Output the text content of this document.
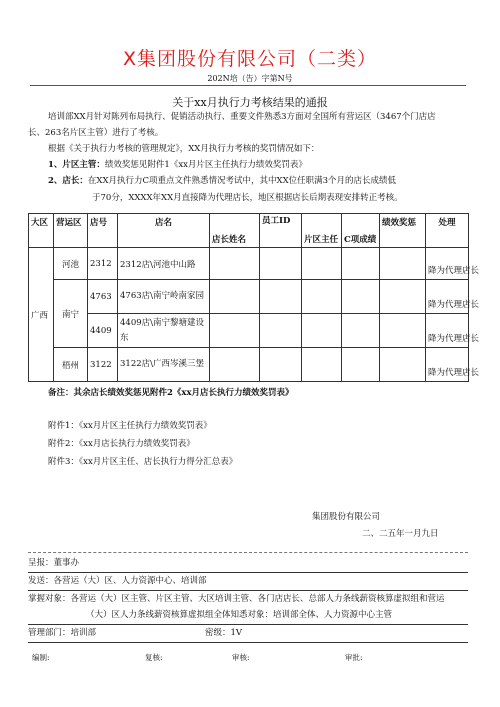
X集团股份有限公司（二类）
202N培（告）字第N号
关于xx月执行力考核结果的通报
培训部XX月针对陈列布局执行、促销活动执行、重要文件熟悉3方面对全国所有营运区（3467个门店店
长、263名片区主管）进行了考核。
根据《关于执行力考核的管理规定》，XX月执行力考核的奖罚情况如下：
1、片区主管：绩效奖惩见附件1《xx月片区主任执行力绩效奖罚表》
2、店长：在XX月执行力C项重点文件熟悉情况考试中，其中XX位任职满3个月的店长成绩低
于70分，XXXX年XX月直接降为代理店长，地区根据店长后期表现安排转正考核。
大区	营运区	店号	店名	店长姓名	员工ID	片区主任	C项成绩	绩效奖惩	处理
广西	河池	2312	2312店\河池中山路						降为代理店长
	南宁	4763	4763店\南宁岭南家园						降为代理店长
		4409	4409店\南宁黎塘建设东						降为代理店长
	梧州	3122	3122店\广西岑溪三堡						降为代理店长
备注：其余店长绩效奖惩见附件2《xx月店长执行力绩效奖罚表》
附件1：《xx月片区主任执行力绩效奖罚表》
附件2：《xx月店长执行力绩效奖罚表》
附件3：《xx月片区主任、店长执行力得分汇总表》
集团股份有限公司
二、二五年一月九日
呈报：董事办
发送：各营运（大）区、人力资源中心、培训部
掌握对象：各营运（大）区主管、片区主管、大区培训主管、各门店店长、总部人力条线薪资核算虚拟组和营运
（大）区人力条线薪资核算虚拟组全体知悉对象：培训部全体、人力资源中心主管
管理部门：培训部	密级：1V
编制:	复核:	审核:	审批:
